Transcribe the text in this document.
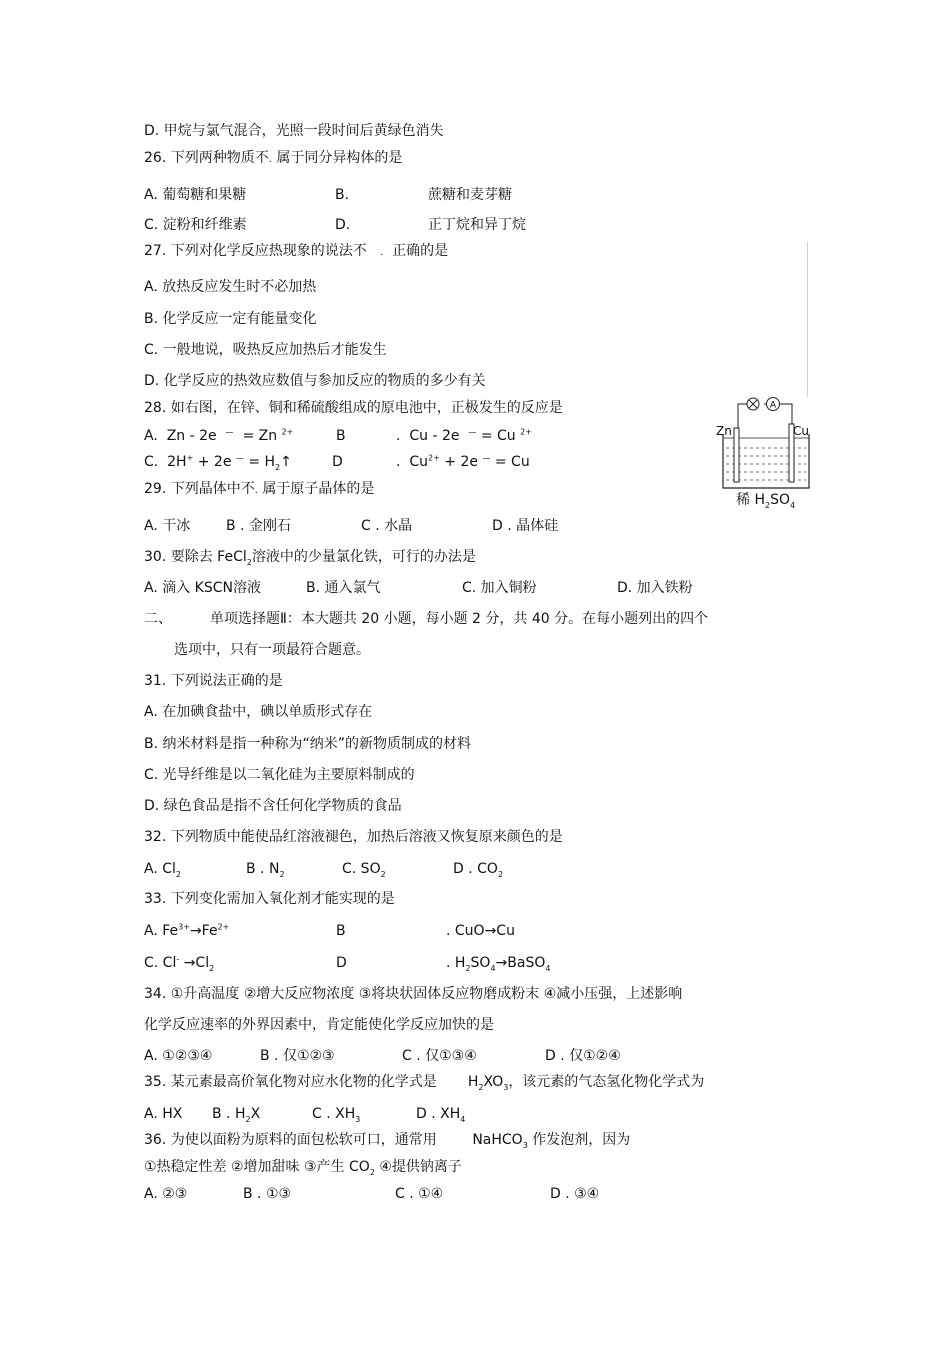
D. 甲烷与氯气混合，光照一段时间后黄绿色消失
26. 下列两种物质不. 属于同分异构体的是
A. 葡萄糖和果糖	B.	蔗糖和麦芽糖
C. 淀粉和纤维素	D.	正丁烷和异丁烷
27. 下列对化学反应热现象的说法不 . 正确的是
A. 放热反应发生时不必加热
B. 化学反应一定有能量变化
C. 一般地说，吸热反应加热后才能发生
D. 化学反应的热效应数值与参加反应的物质的多少有关
28. 如右图，在锌、铜和稀硫酸组成的原电池中，正极发生的反应是
A. Zn - 2e — = Zn $^{2+}$	B	. Cu - 2e — = Cu $^{2+}$
C. 2H+ + 2e $^— = H_2↑$	D	. $Cu^{2+} + 2e$ — = Cu
A
Zn	Cu
稀 $H_2SO_4$
29. 下列晶体中不. 属于原子晶体的是
A. 干冰	B . 金刚石	C . 水晶	D . 晶体硅
30. 要除去 FeCl$_2$溶液中的少量氯化铁，可行的办法是
A. 滴入 KSCN溶液	B. 通入氯气	C. 加入铜粉	D. 加入铁粉
二、	单项选择题Ⅱ：本大题共 20 小题，每小题 2 分，共 40 分。在每小题列出的四个
选项中，只有一项最符合题意。
31. 下列说法正确的是
A. 在加碘食盐中，碘以单质形式存在
B. 纳米材料是指一种称为“纳米”的新物质制成的材料
C. 光导纤维是以二氧化硅为主要原料制成的
D. 绿色食品是指不含任何化学物质的食品
32. 下列物质中能使品红溶液褪色，加热后溶液又恢复原来颜色的是
A. $Cl_2$	B . $N_2$	C. $SO_2$	D . $CO_2$
33. 下列变化需加入氧化剂才能实现的是
A. $Fe^{3+}\to Fe^{2+}$	B	. CuO→Cu
C. $Cl^- \to Cl_2$	D	. $H_2SO_4\to BaSO_4$
34. ①升高温度 ②增大反应物浓度 ③将块状固体反应物磨成粉末 ④减小压强，上述影响
化学反应速率的外界因素中，肯定能使化学反应加快的是
A. ①②③④	B . 仅①②③	C . 仅①③④	D . 仅①②④
35. 某元素最高价氧化物对应水化物的化学式是 $H_2XO_3$，该元素的气态氢化物化学式为
A. HX B . $H_2X$	C . $XH_3$	D . $XH_4$
36. 为使以面粉为原料的面包松软可口，通常用	NaHCO$_3$ 作发泡剂，因为
①热稳定性差 ②增加甜味 ③产生 $CO_2$ ④提供钠离子
A. ②③	B . ①③	C . ①④	D . ③④
